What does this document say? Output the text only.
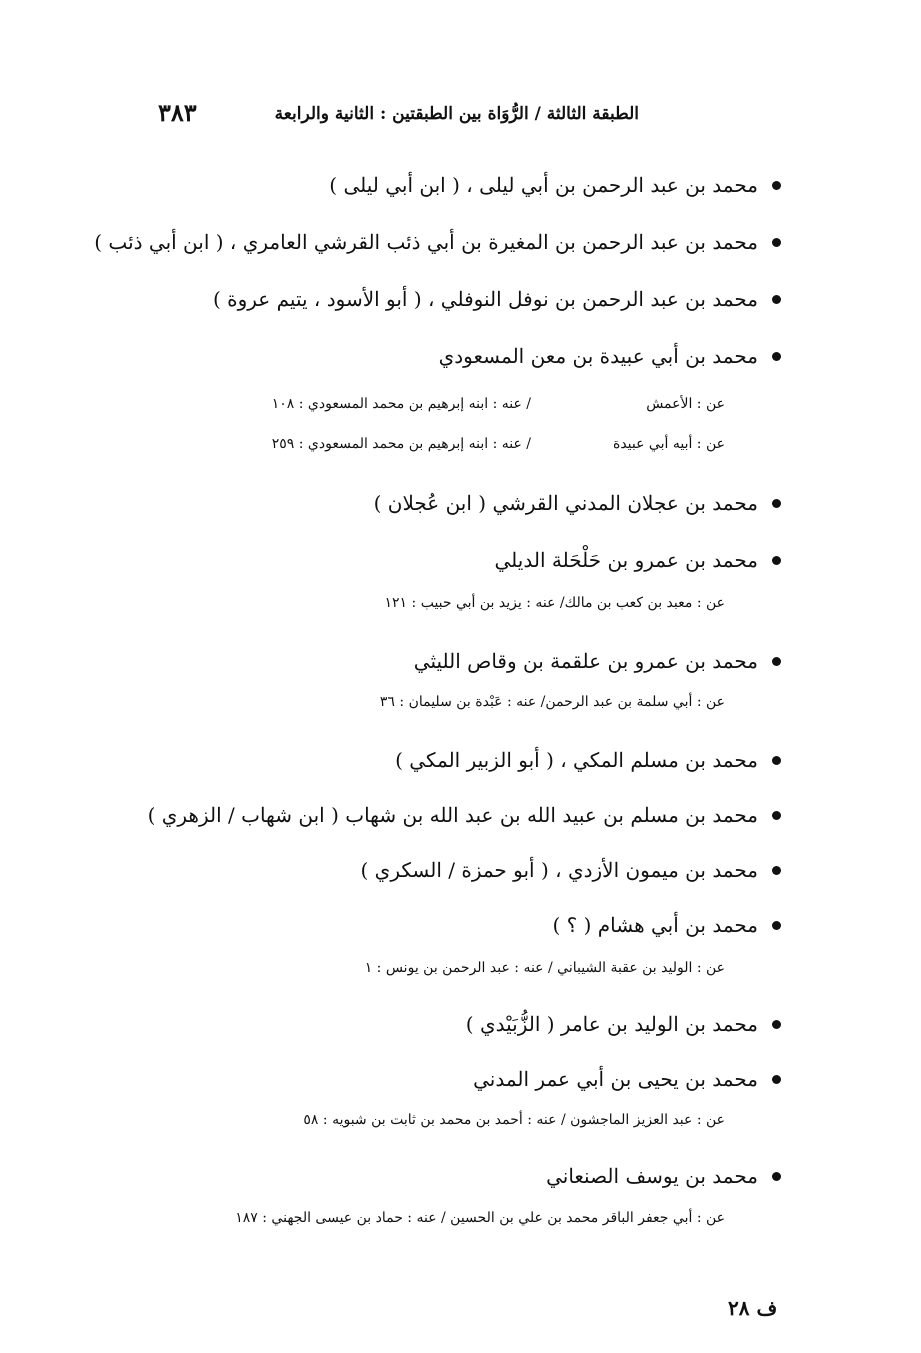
الطبقة الثالثة / الرُّوَاة بين الطبقتين : الثانية والرابعة
٣٨٣
محمد بن عبد الرحمن بن أبي ليلى ، ( ابن أبي ليلى )
محمد بن عبد الرحمن بن المغيرة بن أبي ذئب القرشي العامري ، ( ابن أبي ذئب )
محمد بن عبد الرحمن بن نوفل النوفلي ، ( أبو الأسود ، يتيم عروة )
محمد بن أبي عبيدة بن معن المسعودي
عن : الأعمش
/ عنه : ابنه إبرهيم بن محمد المسعودي : ١٠٨
عن : أبيه أبي عبيدة
/ عنه : ابنه إبرهيم بن محمد المسعودي : ٢٥٩
محمد بن عجلان المدني القرشي ( ابن عُجلان )
محمد بن عمرو بن حَلْحَلة الديلي
عن : معبد بن كعب بن مالك/ عنه : يزيد بن أبي حبيب : ١٢١
محمد بن عمرو بن علقمة بن وقاص الليثي
عن : أبي سلمة بن عبد الرحمن/ عنه : عَبْدة بن سليمان : ٣٦
محمد بن مسلم المكي ، ( أبو الزبير المكي )
محمد بن مسلم بن عبيد الله بن عبد الله بن شهاب ( ابن شهاب / الزهري )
محمد بن ميمون الأزدي ، ( أبو حمزة / السكري )
محمد بن أبي هشام ( ؟ )
عن : الوليد بن عقبة الشيباني / عنه : عبد الرحمن بن يونس : ١
محمد بن الوليد بن عامر ( الزُّبَيْدي )
محمد بن يحيى بن أبي عمر المدني
عن : عبد العزيز الماجشون / عنه : أحمد بن محمد بن ثابت بن شبويه : ٥٨
محمد بن يوسف الصنعاني
عن : أبي جعفر الباقر محمد بن علي بن الحسين / عنه : حماد بن عيسى الجهني : ١٨٧
ف ٢٨
